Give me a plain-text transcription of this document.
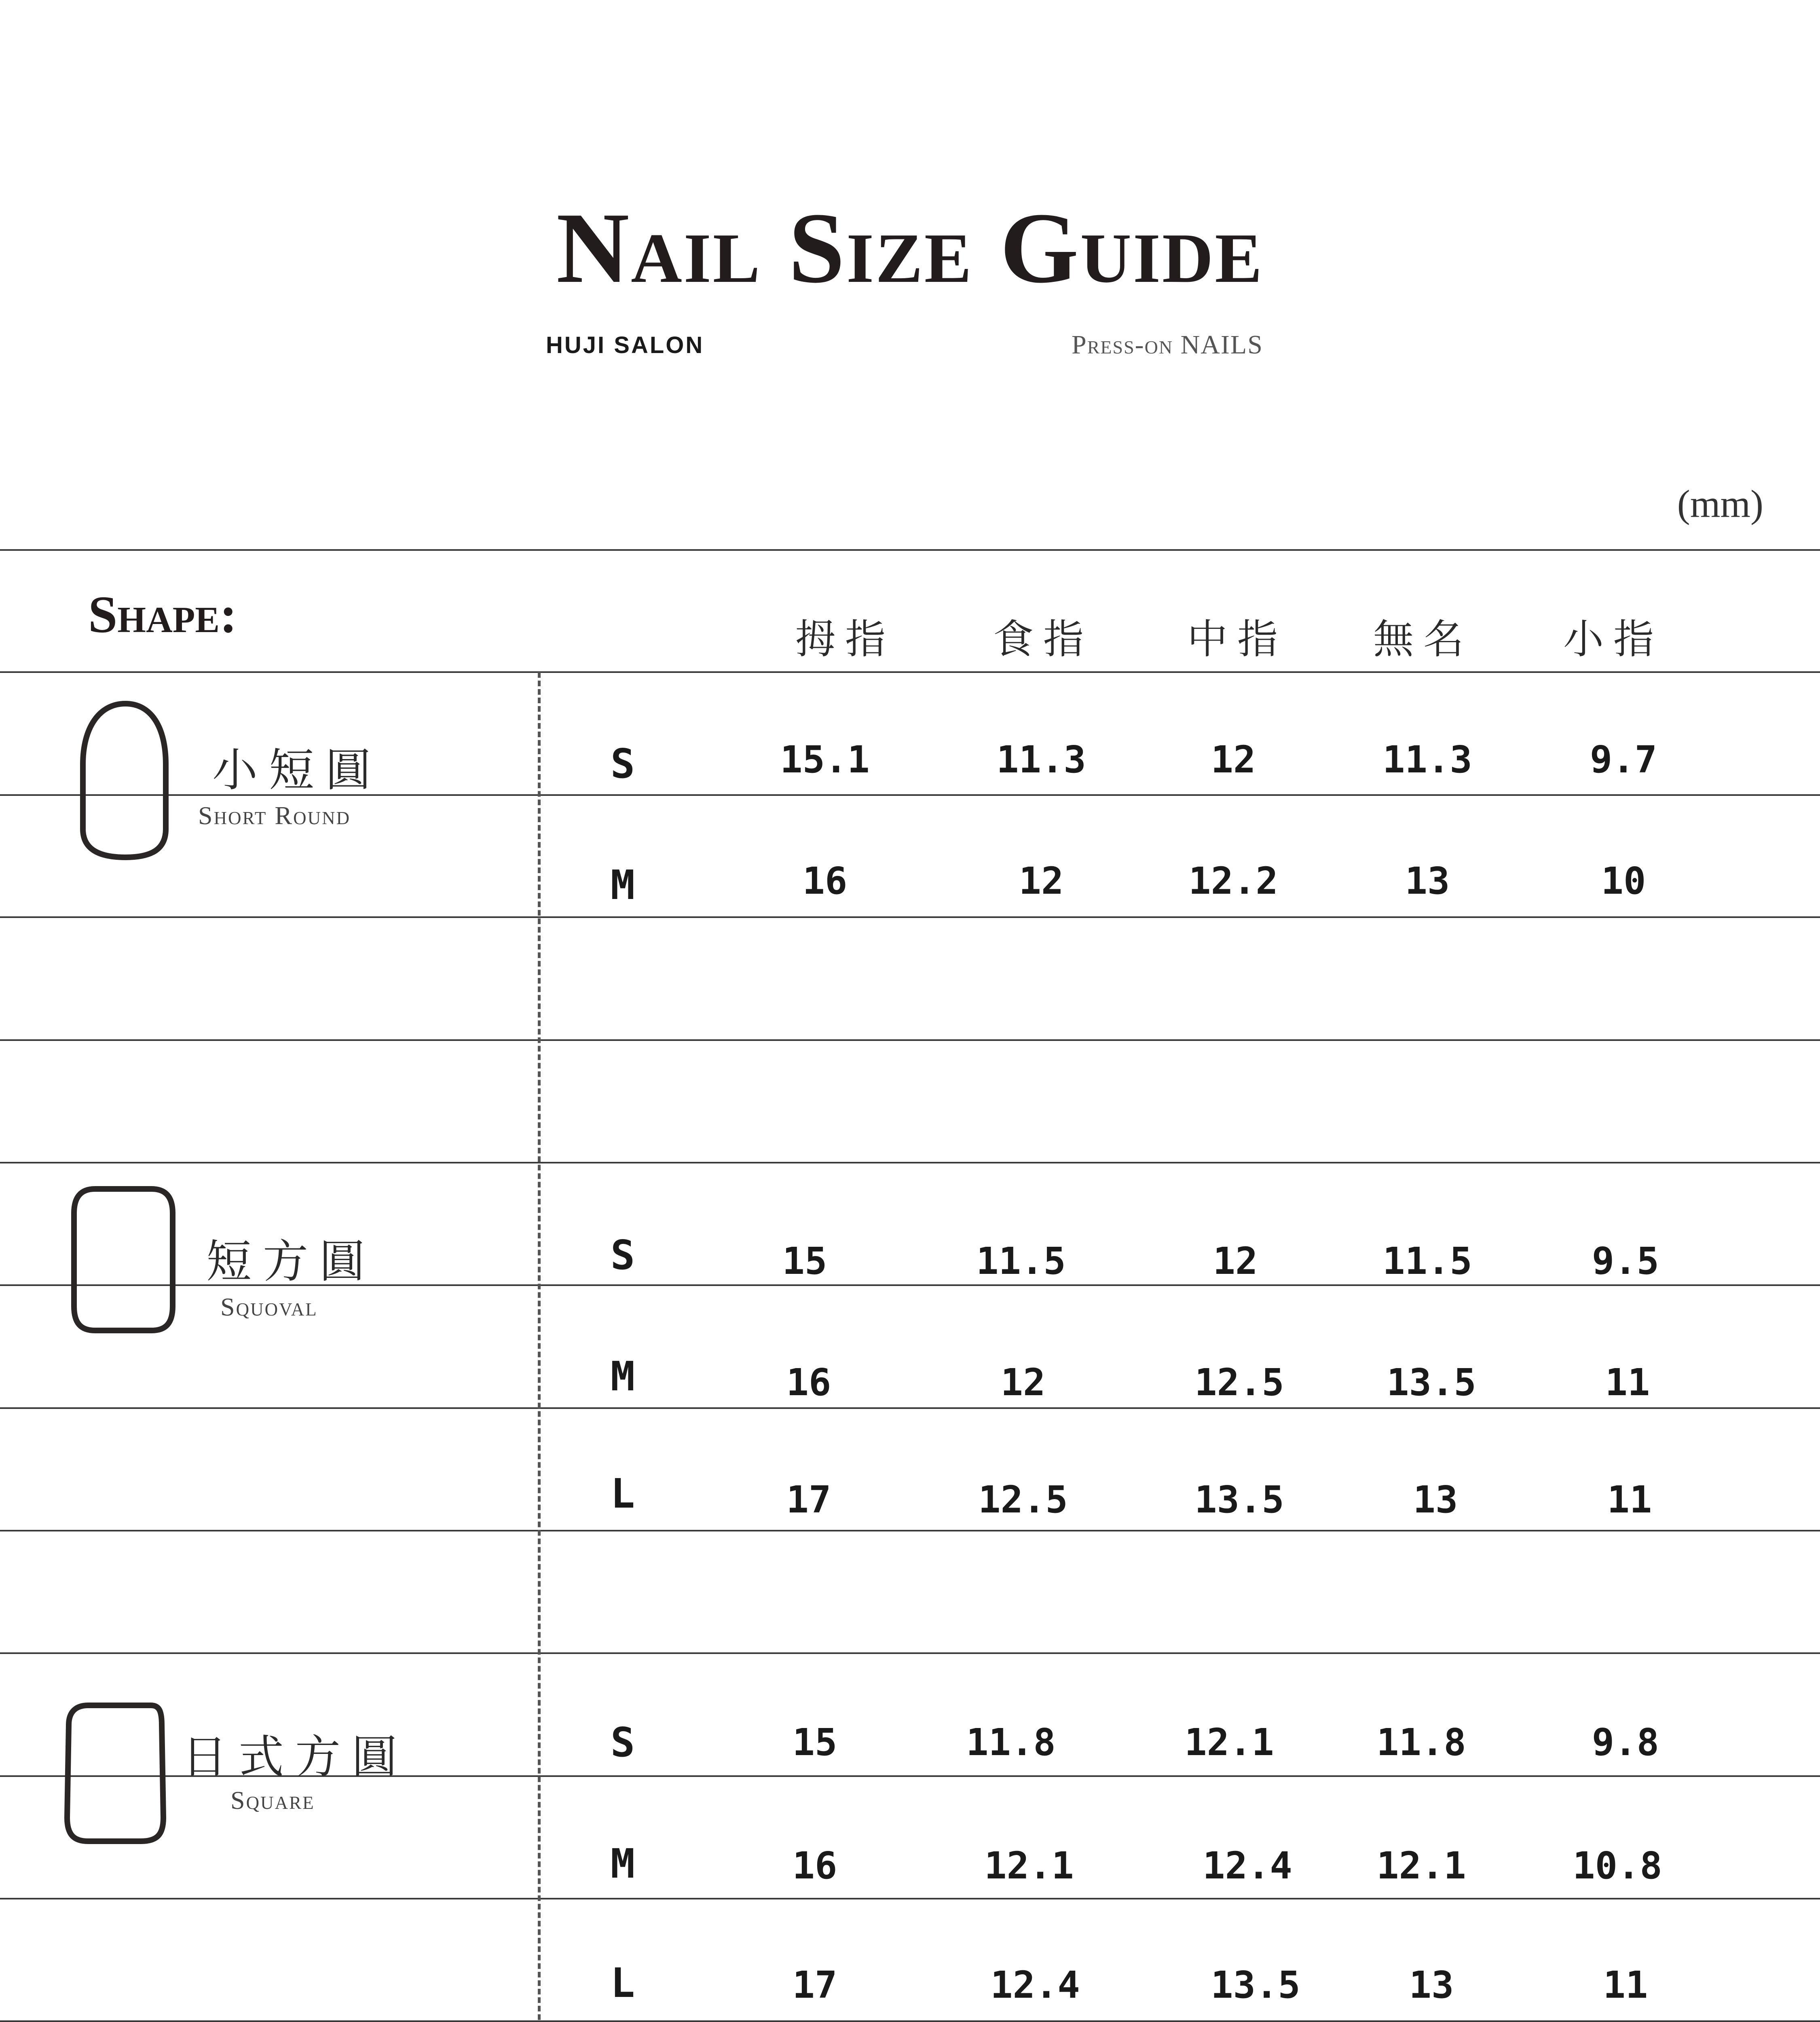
Nail Size Guide
HUJI SALON	Press-on NAILS
(mm)
Shape:	拇指	食指	中指	無名	小指
小短圓
Short Round
S	15.1	11.3	12	11.3	9.7
M	16	12	12.2	13	10
短方圓
Squoval
S	15	11.5	12	11.5	9.5
M	16	12	12.5	13.5	11
L	17	12.5	13.5	13	11
日式方圓
Square
S	15	11.8	12.1	11.8	9.8
M	16	12.1	12.4	12.1	10.8
L	17	12.4	13.5	13	11
